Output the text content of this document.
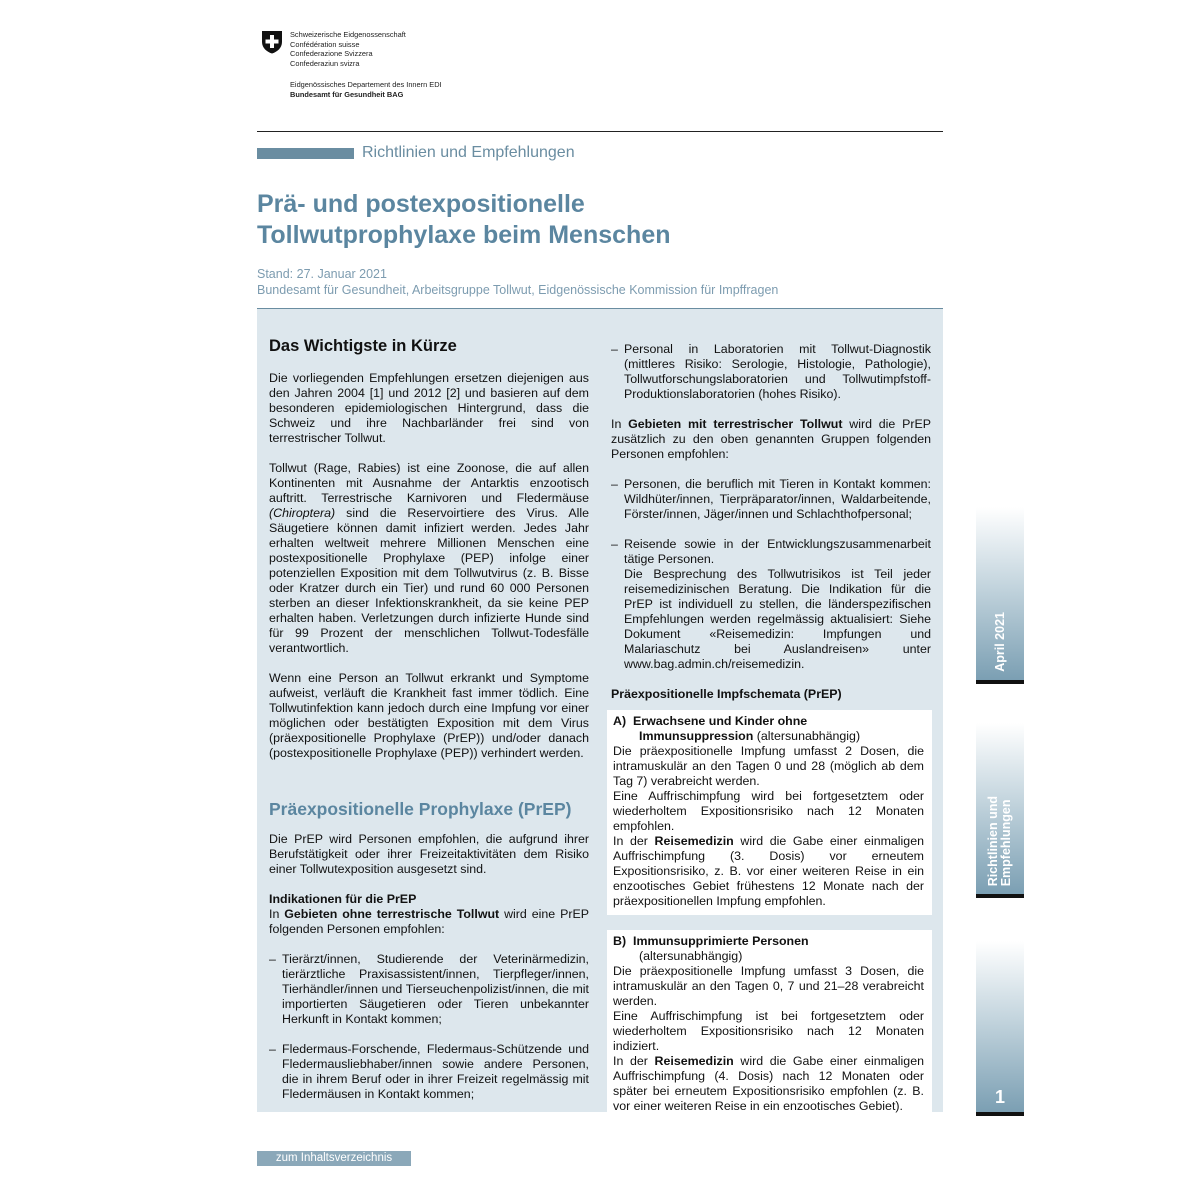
Schweizerische Eidgenossenschaft
Confédération suisse
Confederazione Svizzera
Confederaziun svizra
Eidgenössisches Departement des Innern EDI
Bundesamt für Gesundheit BAG
Richtlinien und Empfehlungen
Prä- und postexpositionelle
Tollwutprophylaxe beim Menschen
Stand: 27. Januar 2021
Bundesamt für Gesundheit, Arbeitsgruppe Tollwut, Eidgenössische Kommission für Impffragen

Das Wichtigste in Kürze

Die vorliegenden Empfehlungen ersetzen diejenigen aus den Jahren 2004 [1] und 2012 [2] und basieren auf dem besonderen epidemiologischen Hintergrund, dass die Schweiz und ihre Nachbarländer frei sind von terrestrischer Tollwut.

Tollwut (Rage, Rabies) ist eine Zoonose, die auf allen Kontinenten mit Ausnahme der Antarktis enzootisch auftritt. Terrestrische Karnivoren und Fledermäuse (Chiroptera) sind die Reservoirtiere des Virus. Alle Säugetiere können damit infiziert werden. Jedes Jahr erhalten weltweit mehrere Millionen Menschen eine postexpositionelle Prophylaxe (PEP) infolge einer potenziellen Exposition mit dem Tollwutvirus (z. B. Bisse oder Kratzer durch ein Tier) und rund 60 000 Personen sterben an dieser Infektionskrankheit, da sie keine PEP erhalten haben. Verletzungen durch infizierte Hunde sind für 99 Prozent der menschlichen Tollwut-Todesfälle verantwortlich.

Wenn eine Person an Tollwut erkrankt und Symptome aufweist, verläuft die Krankheit fast immer tödlich. Eine Tollwutinfektion kann jedoch durch eine Impfung vor einer möglichen oder bestätigten Exposition mit dem Virus (präexpositionelle Prophylaxe (PrEP)) und/oder danach (postexpositionelle Prophylaxe (PEP)) verhindert werden.

Präexpositionelle Prophylaxe (PrEP)

Die PrEP wird Personen empfohlen, die aufgrund ihrer Berufstätigkeit oder ihrer Freizeitaktivitäten dem Risiko einer Tollwutexposition ausgesetzt sind.

Indikationen für die PrEP

In Gebieten ohne terrestrische Tollwut wird eine PrEP folgenden Personen empfohlen:

– Tierärzt/innen, Studierende der Veterinärmedizin, tierärztliche Praxisassistent/innen, Tierpfleger/innen, Tierhändler/innen und Tierseuchenpolizist/innen, die mit importierten Säugetieren oder Tieren unbekannter Herkunft in Kontakt kommen;

– Fledermaus-Forschende, Fledermaus-Schützende und Fledermausliebhaber/innen sowie andere Personen, die in ihrem Beruf oder in ihrer Freizeit regelmässig mit Fledermäusen in Kontakt kommen;

– Personal in Laboratorien mit Tollwut-Diagnostik (mittleres Risiko: Serologie, Histologie, Pathologie), Tollwutforschungslaboratorien und Tollwutimpfstoff-Produktionslaboratorien (hohes Risiko).

In Gebieten mit terrestrischer Tollwut wird die PrEP zusätzlich zu den oben genannten Gruppen folgenden Personen empfohlen:

– Personen, die beruflich mit Tieren in Kontakt kommen: Wildhüter/innen, Tierpräparator/innen, Waldarbeitende, Förster/innen, Jäger/innen und Schlachthofpersonal;

– Reisende sowie in der Entwicklungszusammenarbeit tätige Personen.
Die Besprechung des Tollwutrisikos ist Teil jeder reisemedizinischen Beratung. Die Indikation für die PrEP ist individuell zu stellen, die länderspezifischen Empfehlungen werden regelmässig aktualisiert: Siehe Dokument «Reisemedizin: Impfungen und Malariaschutz bei Auslandreisen» unter www.bag.admin.ch/reisemedizin.

Präexpositionelle Impfschemata (PrEP)

A) Erwachsene und Kinder ohne
Immunsuppression (altersunabhängig)
Die präexpositionelle Impfung umfasst 2 Dosen, die intramuskulär an den Tagen 0 und 28 (möglich ab dem Tag 7) verabreicht werden.
Eine Auffrischimpfung wird bei fortgesetztem oder wiederholtem Expositionsrisiko nach 12 Monaten empfohlen.
In der Reisemedizin wird die Gabe einer einmaligen Auffrischimpfung (3. Dosis) vor erneutem Expositionsrisiko, z. B. vor einer weiteren Reise in ein enzootisches Gebiet frühestens 12 Monate nach der präexpositionellen Impfung empfohlen.
B) Immunsupprimierte Personen
(altersunabhängig)
Die präexpositionelle Impfung umfasst 3 Dosen, die intramuskulär an den Tagen 0, 7 und 21–28 verabreicht werden.
Eine Auffrischimpfung ist bei fortgesetztem oder wiederholtem Expositionsrisiko nach 12 Monaten indiziert.
In der Reisemedizin wird die Gabe einer einmaligen Auffrischimpfung (4. Dosis) nach 12 Monaten oder später bei erneutem Expositionsrisiko empfohlen (z. B. vor einer weiteren Reise in ein enzootisches Gebiet).
April 2021
Richtlinien und
Empfehlungen
1
zum Inhaltsverzeichnis
